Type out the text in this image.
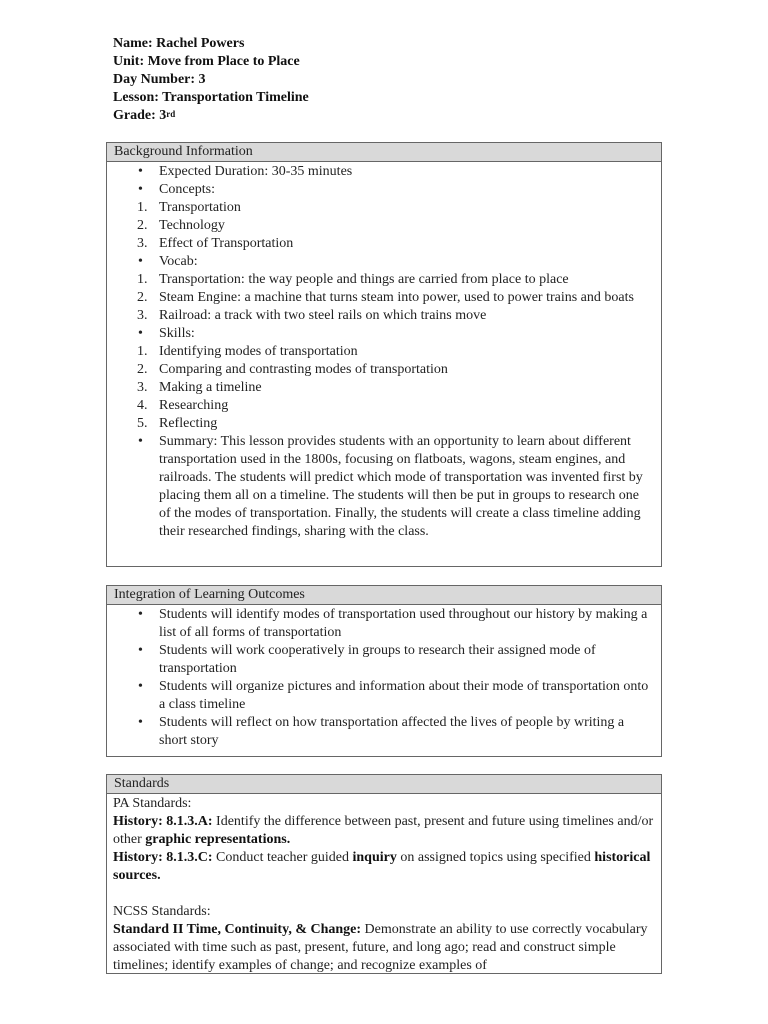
Name: Rachel Powers
Unit: Move from Place to Place
Day Number: 3
Lesson: Transportation Timeline
Grade: 3rd
Background Information
• Expected Duration: 30-35 minutes
• Concepts:
1. Transportation
2. Technology
3. Effect of Transportation
• Vocab:
1. Transportation: the way people and things are carried from place to place
2. Steam Engine: a machine that turns steam into power, used to power trains and boats
3. Railroad: a track with two steel rails on which trains move
• Skills:
1. Identifying modes of transportation
2. Comparing and contrasting modes of transportation
3. Making a timeline
4. Researching
5. Reflecting
• Summary: This lesson provides students with an opportunity to learn about different transportation used in the 1800s, focusing on flatboats, wagons, steam engines, and railroads. The students will predict which mode of transportation was invented first by placing them all on a timeline. The students will then be put in groups to research one of the modes of transportation. Finally, the students will create a class timeline adding their researched findings, sharing with the class.
Integration of Learning Outcomes
• Students will identify modes of transportation used throughout our history by making a list of all forms of transportation
• Students will work cooperatively in groups to research their assigned mode of transportation
• Students will organize pictures and information about their mode of transportation onto a class timeline
• Students will reflect on how transportation affected the lives of people by writing a short story
Standards

PA Standards:

History: 8.1.3.A: Identify the difference between past, present and future using timelines and/or other graphic representations.

History: 8.1.3.C: Conduct teacher guided inquiry on assigned topics using specified historical sources.

NCSS Standards:

Standard II Time, Continuity, & Change: Demonstrate an ability to use correctly vocabulary associated with time such as past, present, future, and long ago; read and construct simple timelines; identify examples of change; and recognize examples of
